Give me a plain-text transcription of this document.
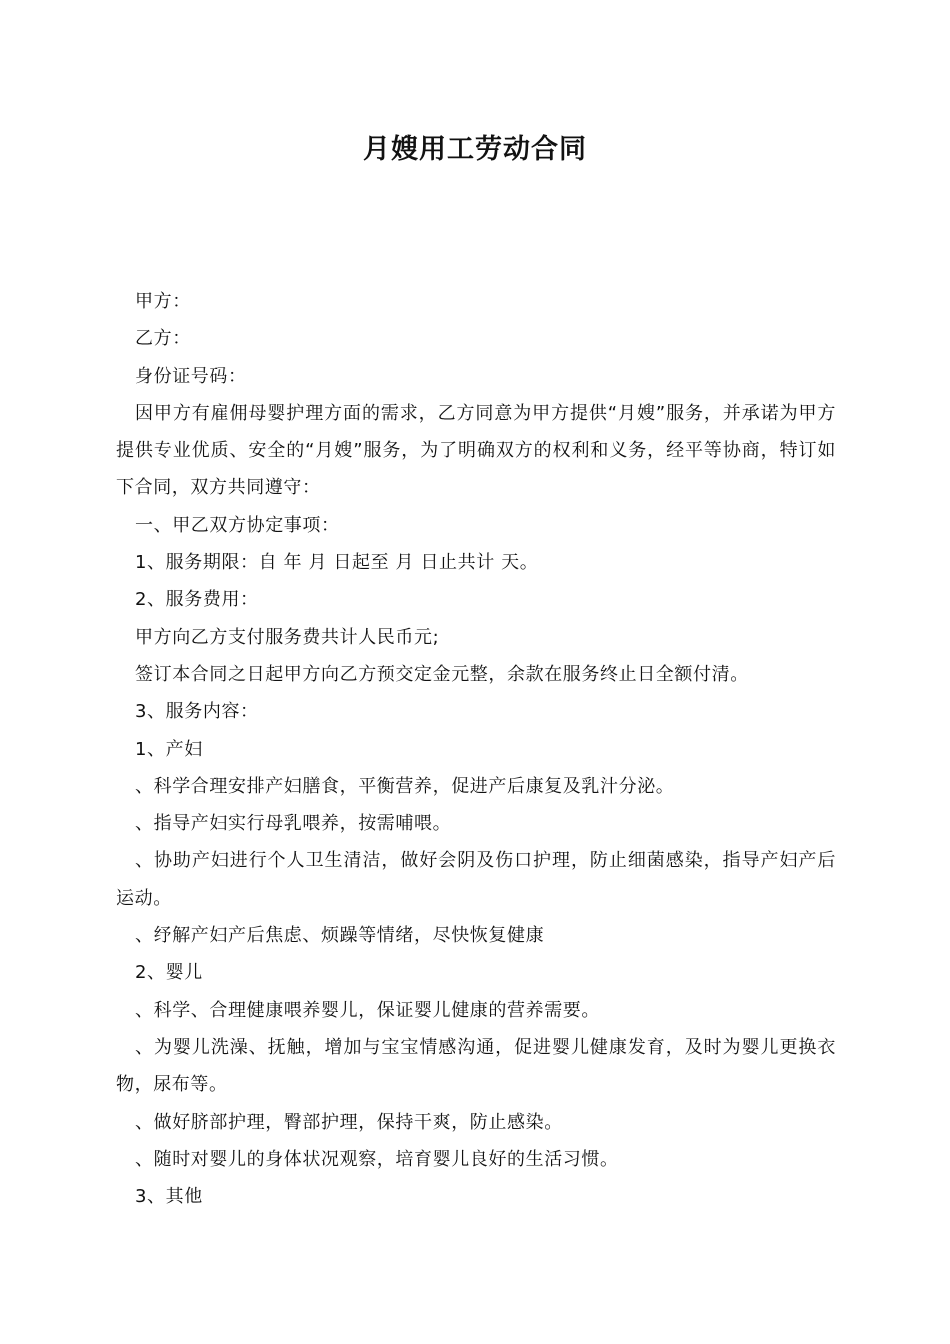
月嫂用工劳动合同

甲方：

乙方：

身份证号码：

因甲方有雇佣母婴护理方面的需求，乙方同意为甲方提供“月嫂”服务，并承诺为甲方提供专业优质、安全的“月嫂”服务，为了明确双方的权利和义务，经平等协商，特订如下合同，双方共同遵守：

一、甲乙双方协定事项：

1、服务期限：自 年 月 日起至 月 日止共计 天。

2、服务费用：

甲方向乙方支付服务费共计人民币元;

签订本合同之日起甲方向乙方预交定金元整，余款在服务终止日全额付清。

3、服务内容：

1、产妇

、科学合理安排产妇膳食，平衡营养，促进产后康复及乳汁分泌。

、指导产妇实行母乳喂养，按需哺喂。

、协助产妇进行个人卫生清洁，做好会阴及伤口护理，防止细菌感染，指导产妇产后运动。

、纾解产妇产后焦虑、烦躁等情绪，尽快恢复健康

2、婴儿

、科学、合理健康喂养婴儿，保证婴儿健康的营养需要。

、为婴儿洗澡、抚触，增加与宝宝情感沟通，促进婴儿健康发育，及时为婴儿更换衣物，尿布等。

、做好脐部护理，臀部护理，保持干爽，防止感染。

、随时对婴儿的身体状况观察，培育婴儿良好的生活习惯。

3、其他
